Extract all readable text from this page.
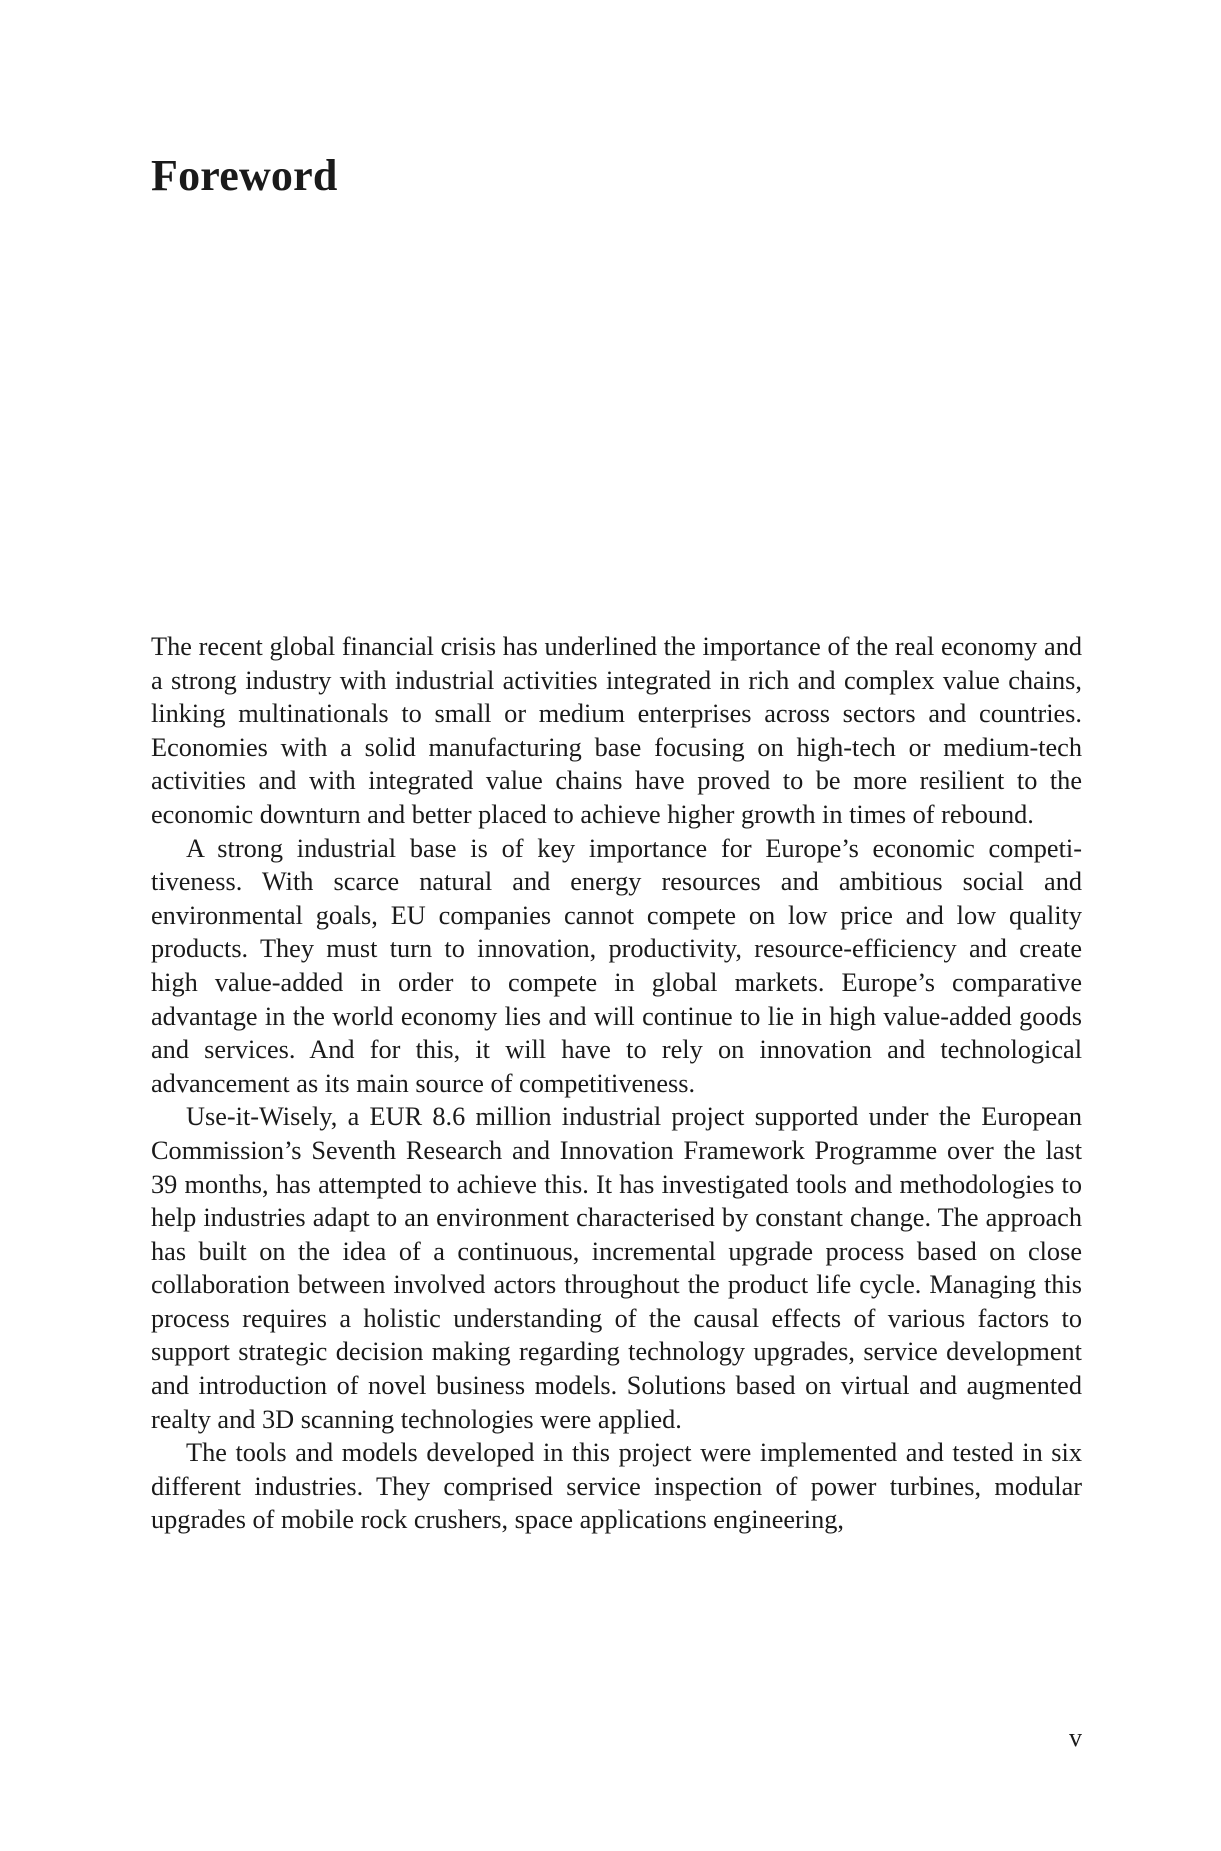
Foreword

The recent global financial crisis has underlined the importance of the real economy and a strong industry with industrial activities integrated in rich and complex value chains, linking multinationals to small or medium enterprises across sectors and countries. Economies with a solid manufacturing base focusing on high-tech or medium-tech activities and with integrated value chains have proved to be more resilient to the economic downturn and better placed to achieve higher growth in times of rebound.

A strong industrial base is of key importance for Europe’s economic competitiveness. With scarce natural and energy resources and ambitious social and environmental goals, EU companies cannot compete on low price and low quality products. They must turn to innovation, productivity, resource-efficiency and create high value-added in order to compete in global markets. Europe’s comparative advantage in the world economy lies and will continue to lie in high value-added goods and services. And for this, it will have to rely on innovation and technological advancement as its main source of competitiveness.

Use-it-Wisely, a EUR 8.6 million industrial project supported under the European Commission’s Seventh Research and Innovation Framework Programme over the last 39 months, has attempted to achieve this. It has investigated tools and methodologies to help industries adapt to an environment characterised by constant change. The approach has built on the idea of a continuous, incremental upgrade process based on close collaboration between involved actors throughout the product life cycle. Managing this process requires a holistic understanding of the causal effects of various factors to support strategic decision making regarding technology upgrades, service development and introduction of novel business models. Solutions based on virtual and augmented realty and 3D scanning technologies were applied.

The tools and models developed in this project were implemented and tested in six different industries. They comprised service inspection of power turbines, modular upgrades of mobile rock crushers, space applications engineering,

v
